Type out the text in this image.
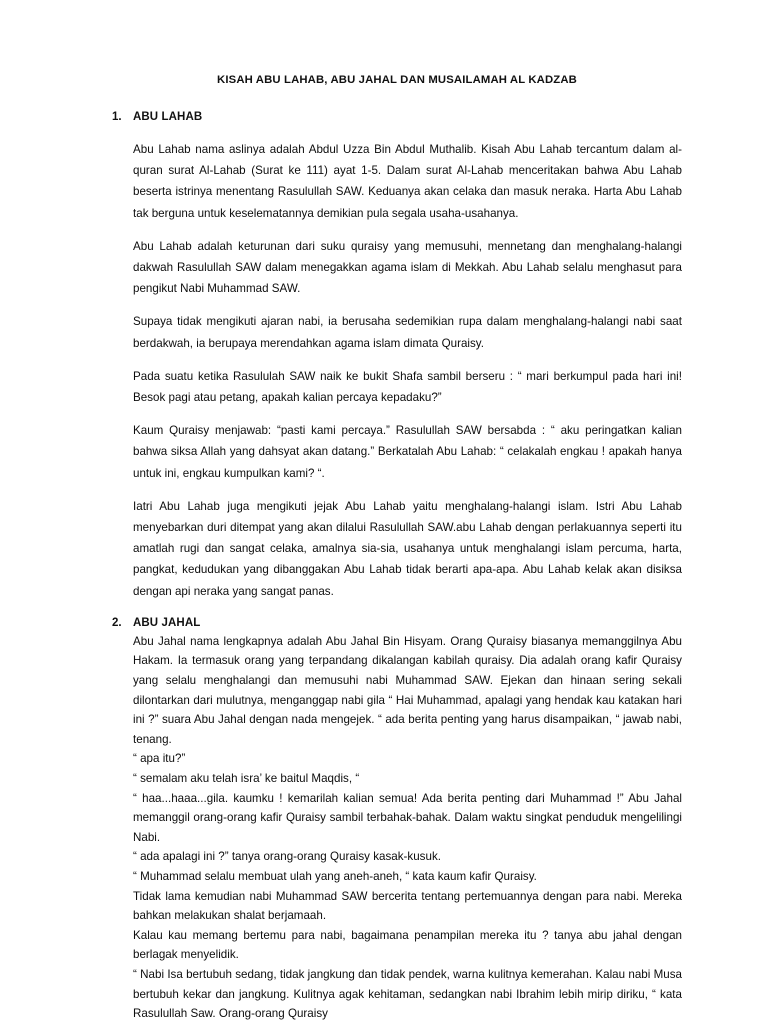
KISAH ABU LAHAB, ABU JAHAL DAN MUSAILAMAH AL KADZAB
1. ABU LAHAB

Abu Lahab nama aslinya adalah Abdul Uzza Bin Abdul Muthalib. Kisah Abu Lahab tercantum dalam al-quran surat Al-Lahab (Surat ke 111) ayat 1-5. Dalam surat Al-Lahab menceritakan bahwa Abu Lahab beserta istrinya menentang Rasulullah SAW. Keduanya akan celaka dan masuk neraka. Harta Abu Lahab tak berguna untuk keselematannya demikian pula segala usaha-usahanya.

Abu Lahab adalah keturunan dari suku quraisy yang memusuhi, mennetang dan menghalang-halangi dakwah Rasulullah SAW dalam menegakkan agama islam di Mekkah. Abu Lahab selalu menghasut para pengikut Nabi Muhammad SAW.

Supaya tidak mengikuti ajaran nabi, ia berusaha sedemikian rupa dalam menghalang-halangi nabi saat berdakwah, ia berupaya merendahkan agama islam dimata Quraisy.

Pada suatu ketika Rasululah SAW naik ke bukit Shafa sambil berseru : “ mari berkumpul pada hari ini! Besok pagi atau petang, apakah kalian percaya kepadaku?”

Kaum Quraisy menjawab: “pasti kami percaya.” Rasulullah SAW bersabda : “ aku peringatkan kalian bahwa siksa Allah yang dahsyat akan datang.” Berkatalah Abu Lahab: “ celakalah engkau ! apakah hanya untuk ini, engkau kumpulkan kami? “.

Iatri Abu Lahab juga mengikuti jejak Abu Lahab yaitu menghalang-halangi islam. Istri Abu Lahab menyebarkan duri ditempat yang akan dilalui Rasulullah SAW.abu Lahab dengan perlakuannya seperti itu amatlah rugi dan sangat celaka, amalnya sia-sia, usahanya untuk menghalangi islam percuma, harta, pangkat, kedudukan yang dibanggakan Abu Lahab tidak berarti apa-apa. Abu Lahab kelak akan disiksa dengan api neraka yang sangat panas.

2. ABU JAHAL

Abu Jahal nama lengkapnya adalah Abu Jahal Bin Hisyam. Orang Quraisy biasanya memanggilnya Abu Hakam. Ia termasuk orang yang terpandang dikalangan kabilah quraisy. Dia adalah orang kafir Quraisy yang selalu menghalangi dan memusuhi nabi Muhammad SAW. Ejekan dan hinaan sering sekali dilontarkan dari mulutnya, menganggap nabi gila “ Hai Muhammad, apalagi yang hendak kau katakan hari ini ?” suara Abu Jahal dengan nada mengejek. “ ada berita penting yang harus disampaikan, “ jawab nabi, tenang.

“ apa itu?”

“ semalam aku telah isra’ ke baitul Maqdis, “

“ haa...haaa...gila. kaumku ! kemarilah kalian semua! Ada berita penting dari Muhammad !” Abu Jahal memanggil orang-orang kafir Quraisy sambil terbahak-bahak. Dalam waktu singkat penduduk mengelilingi Nabi.

“ ada apalagi ini ?” tanya orang-orang Quraisy kasak-kusuk.

“ Muhammad selalu membuat ulah yang aneh-aneh, “ kata kaum kafir Quraisy.

Tidak lama kemudian nabi Muhammad SAW bercerita tentang pertemuannya dengan para nabi. Mereka bahkan melakukan shalat berjamaah.

Kalau kau memang bertemu para nabi, bagaimana penampilan mereka itu ? tanya abu jahal dengan berlagak menyelidik.

“ Nabi Isa bertubuh sedang, tidak jangkung dan tidak pendek, warna kulitnya kemerahan. Kalau nabi Musa bertubuh kekar dan jangkung. Kulitnya agak kehitaman, sedangkan nabi Ibrahim lebih mirip diriku, “ kata Rasulullah Saw. Orang-orang Quraisy
